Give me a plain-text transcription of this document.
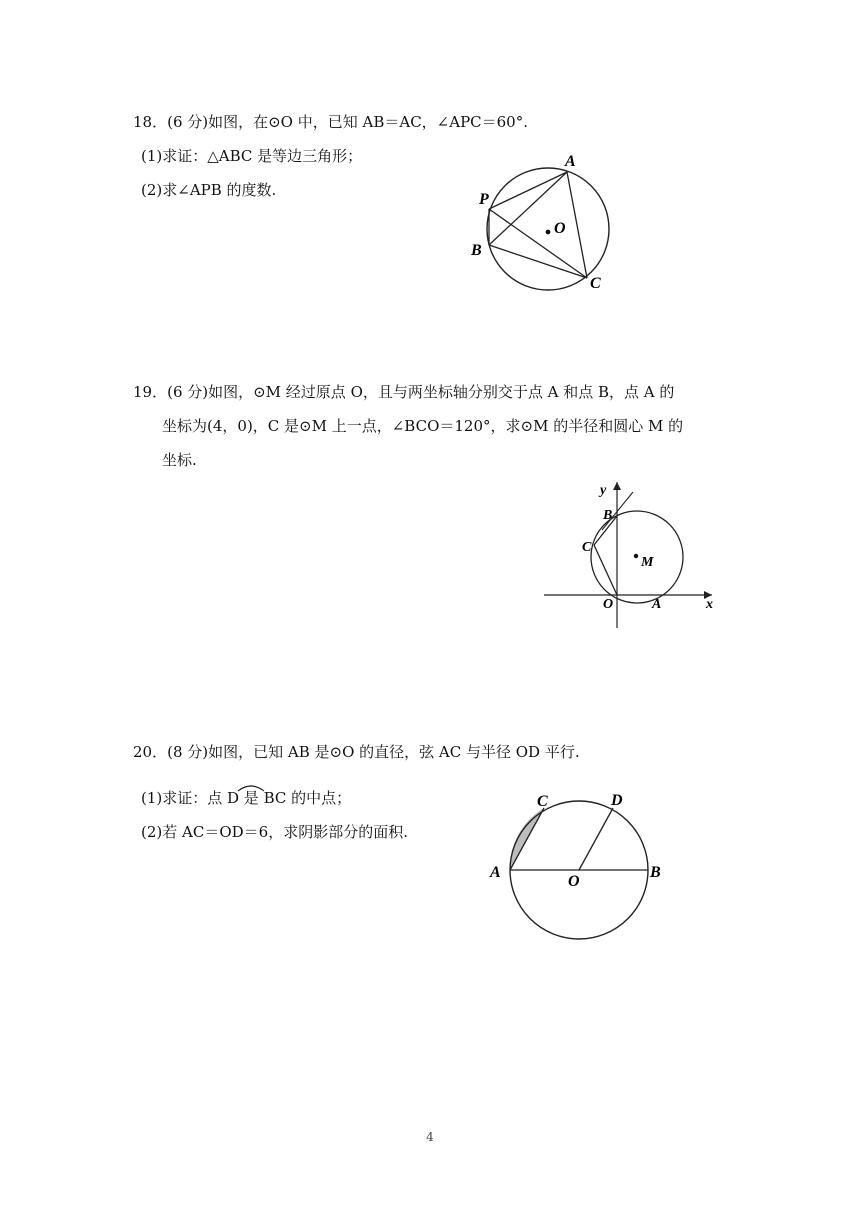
18．(6 分)如图，在⊙O 中，已知 AB＝AC，∠APC＝60°.
(1)求证：△ABC 是等边三角形；
(2)求∠APB 的度数.
A
P
O
B
C
19．(6 分)如图，⊙M 经过原点 O，且与两坐标轴分别交于点 A 和点 B，点 A 的
坐标为(4，0)，C 是⊙M 上一点，∠BCO＝120°，求⊙M 的半径和圆心 M 的
坐标.
y
x
B
C
M
O	A
20．(8 分)如图，已知 AB 是⊙O 的直径，弦 AC 与半径 OD 平行.
(1)求证：点 D 是 BC 的中点；
(2)若 AC＝OD＝6，求阴影部分的面积.
C	D
A
O
B
4
